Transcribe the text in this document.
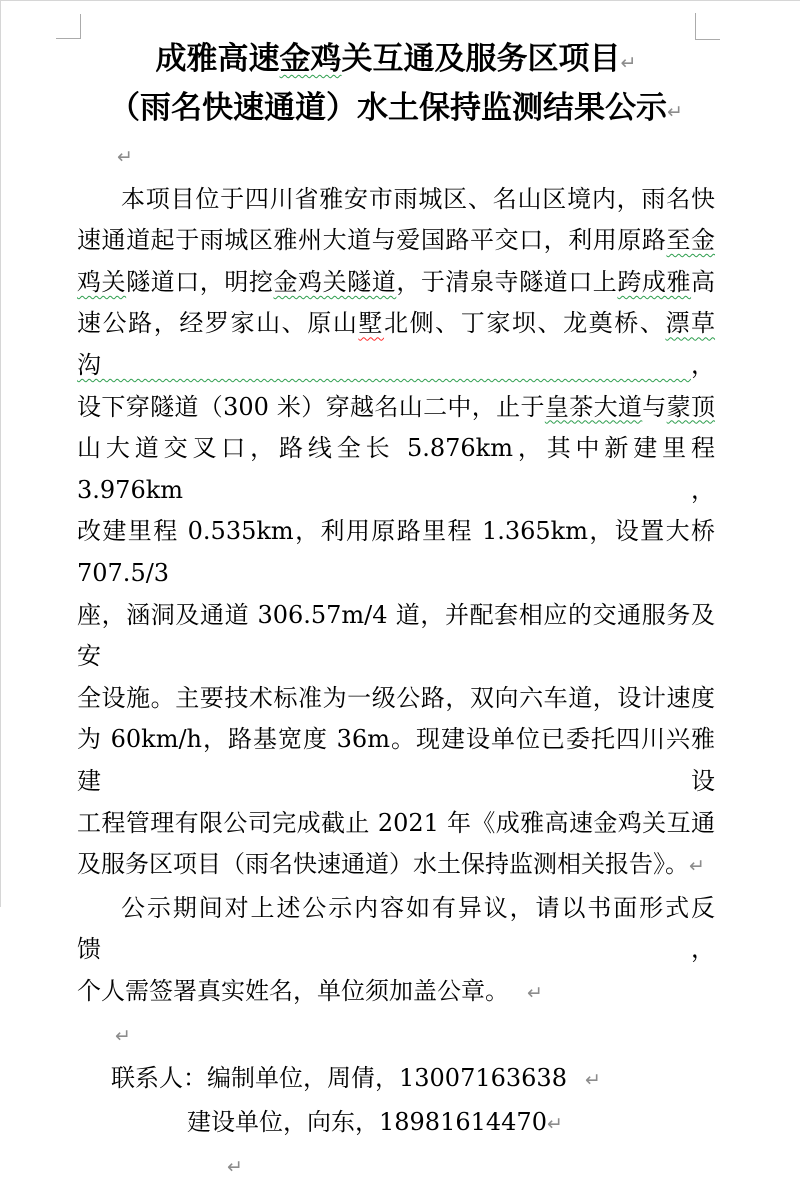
成雅高速金鸡关互通及服务区项目↵
（雨名快速通道）水土保持监测结果公示↵
↵

本项目位于四川省雅安市雨城区、名山区境内，雨名快

速通道起于雨城区雅州大道与爱国路平交口，利用原路至金

鸡关隧道口，明挖金鸡关隧道，于清泉寺隧道口上跨成雅高

速公路，经罗家山、原山墅北侧、丁家坝、龙奠桥、漂草沟，

设下穿隧道（300 米）穿越名山二中，止于皇茶大道与蒙顶

山大道交叉口，路线全长 5.876km，其中新建里程 3.976km，

改建里程 0.535km，利用原路里程 1.365km，设置大桥 707.5/3

座，涵洞及通道 306.57m/4 道，并配套相应的交通服务及安

全设施。主要技术标准为一级公路，双向六车道，设计速度

为 60km/h，路基宽度 36m。现建设单位已委托四川兴雅建设

工程管理有限公司完成截止 2021 年《成雅高速金鸡关互通

及服务区项目（雨名快速通道）水土保持监测相关报告》。↵

公示期间对上述公示内容如有异议，请以书面形式反馈，

个人需签署真实姓名，单位须加盖公章。 ↵

↵

联系人：编制单位，周倩，13007163638 ↵

建设单位，向东，18981614470↵

↵
